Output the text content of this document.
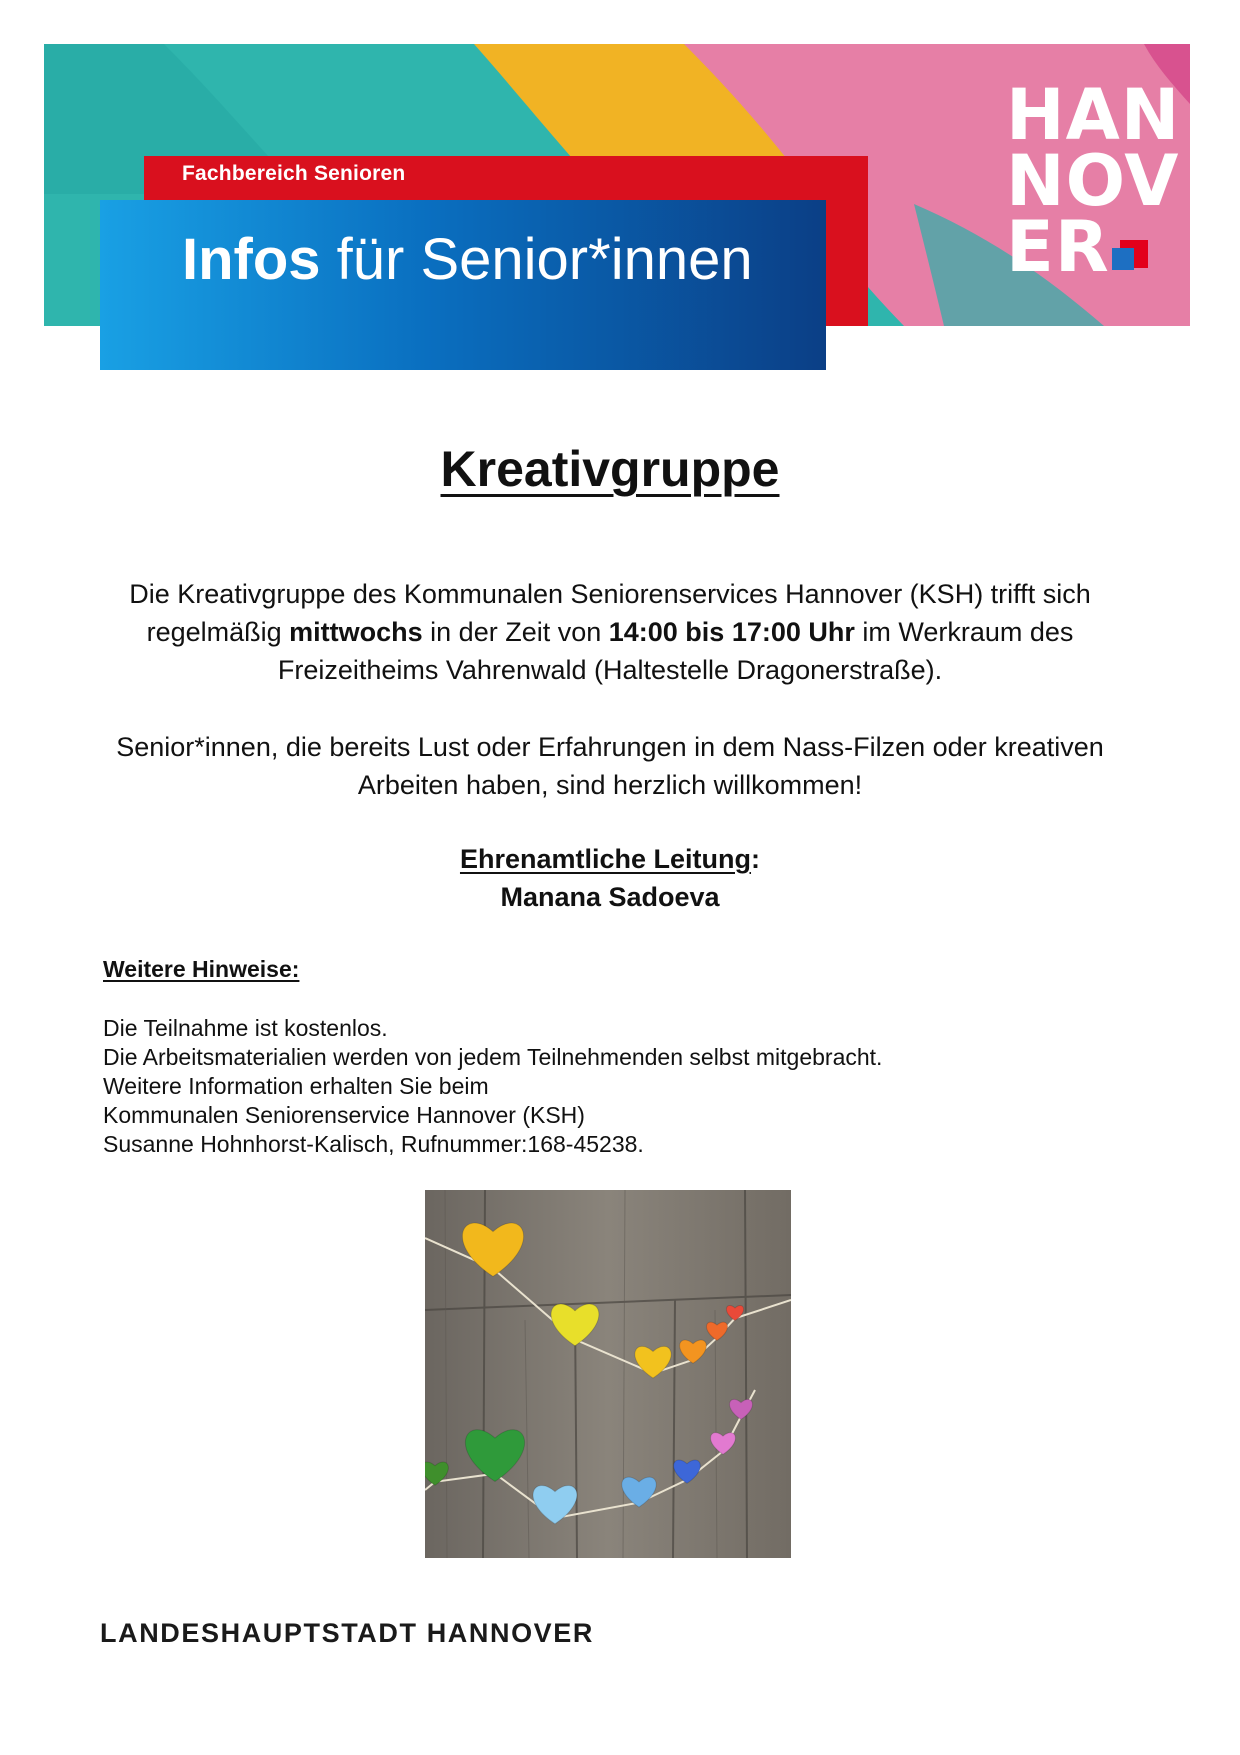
Fachbereich Senioren
Infos für Senior*innen
HAN
NOV
ER
Kreativgruppe
Die Kreativgruppe des Kommunalen Seniorenservices Hannover (KSH) trifft sich regelmäßig mittwochs in der Zeit von 14:00 bis 17:00 Uhr im Werkraum des Freizeitheims Vahrenwald (Haltestelle Dragonerstraße).
Senior*innen, die bereits Lust oder Erfahrungen in dem Nass-Filzen oder kreativen Arbeiten haben, sind herzlich willkommen!
Ehrenamtliche Leitung:
Manana Sadoeva
Weitere Hinweise:
Die Teilnahme ist kostenlos.
Die Arbeitsmaterialien werden von jedem Teilnehmenden selbst mitgebracht.
Weitere Information erhalten Sie beim
Kommunalen Seniorenservice Hannover (KSH)
Susanne Hohnhorst-Kalisch, Rufnummer:168-45238.
LANDESHAUPTSTADT HANNOVER
